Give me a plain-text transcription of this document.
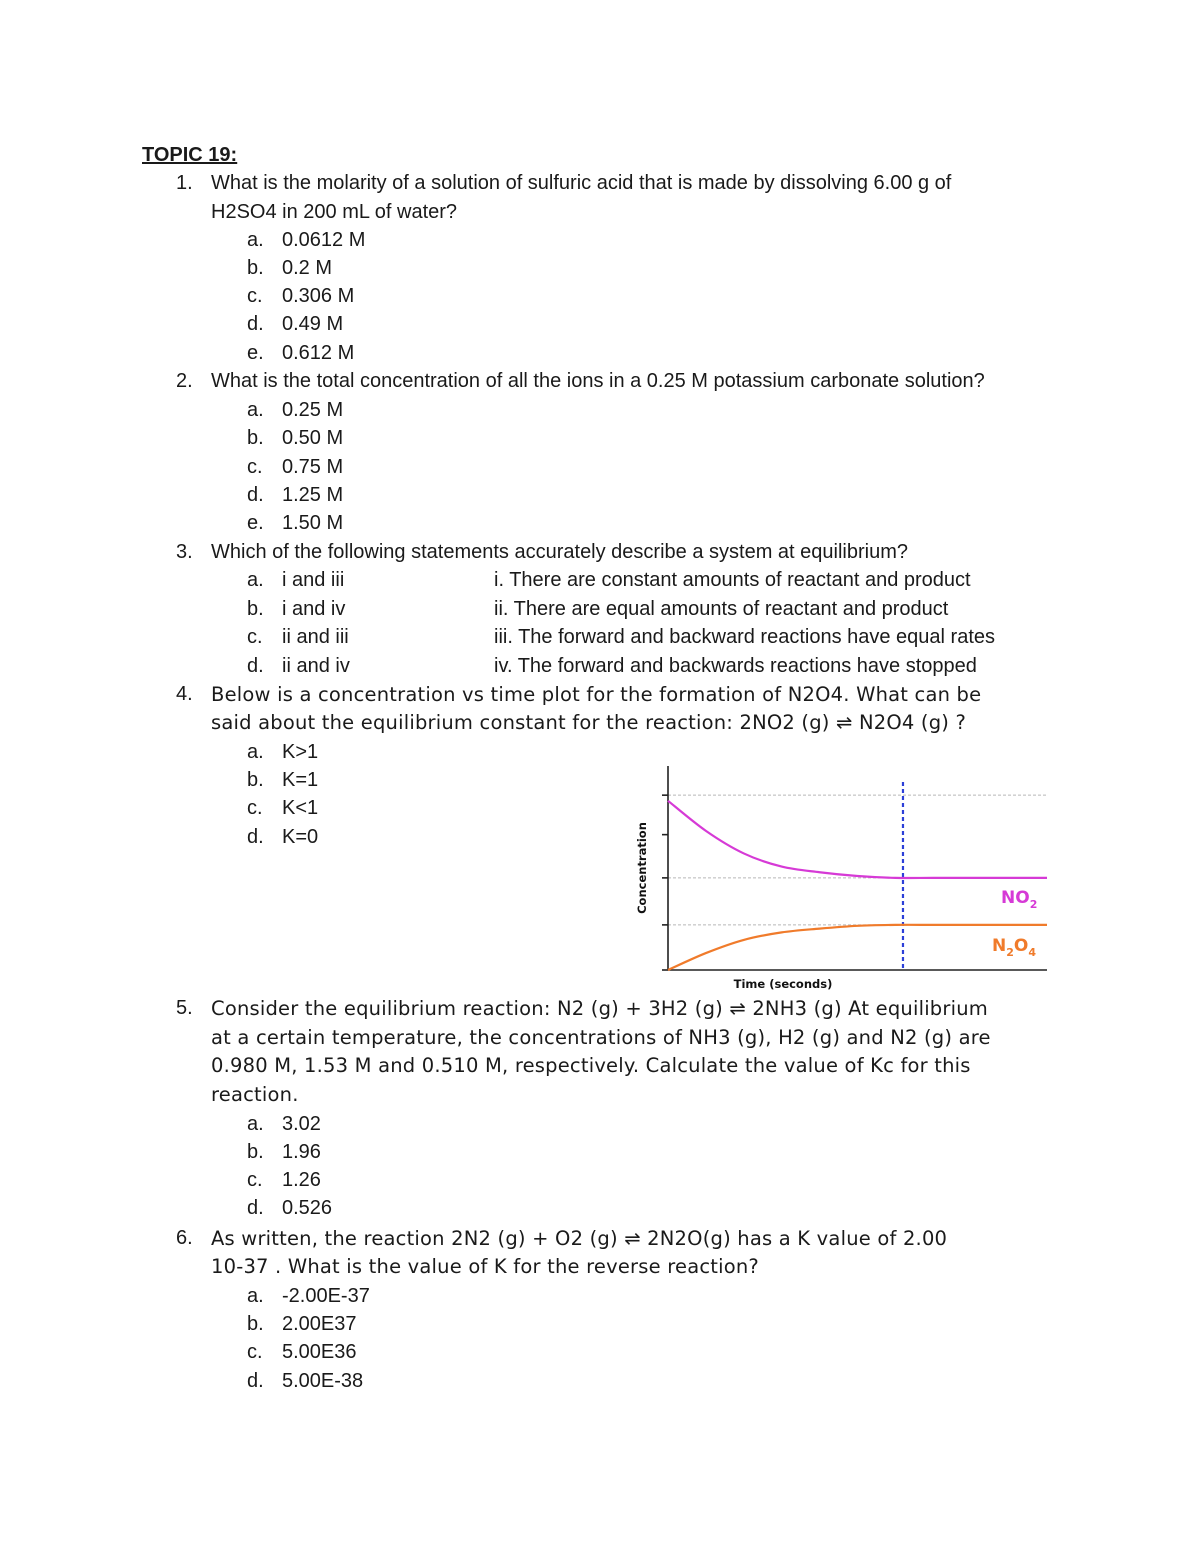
TOPIC 19:
1. What is the molarity of a solution of sulfuric acid that is made by dissolving 6.00 g of
H2SO4 in 200 mL of water?
a. 0.0612 M
b. 0.2 M
c. 0.306 M
d. 0.49 M
e. 0.612 M
2. What is the total concentration of all the ions in a 0.25 M potassium carbonate solution?
a. 0.25 M
b. 0.50 M
c. 0.75 M
d. 1.25 M
e. 1.50 M
3. Which of the following statements accurately describe a system at equilibrium?
a. i and iii
b. i and iv
c. ii and iii
d. ii and iv
i. There are constant amounts of reactant and product
ii. There are equal amounts of reactant and product
iii. The forward and backward reactions have equal rates
iv. The forward and backwards reactions have stopped
4. Below is a concentration vs time plot for the formation of N2O4. What can be
said about the equilibrium constant for the reaction: 2NO2 (g) ⇌ N2O4 (g) ?
a. K>1
b. K=1
c. K<1
d. K=0	Concentration
Time (seconds)
$NO_2$
$N_2O_4$
5. Consider the equilibrium reaction: N2 (g) + 3H2 (g) ⇌ 2NH3 (g) At equilibrium
at a certain temperature, the concentrations of NH3 (g), H2 (g) and N2 (g) are
0.980 M, 1.53 M and 0.510 M, respectively. Calculate the value of Kc for this
reaction.
a. 3.02
b. 1.96
c. 1.26
d. 0.526
6. As written, the reaction 2N2 (g) + O2 (g) ⇌ 2N2O(g) has a K value of 2.00
10-37 . What is the value of K for the reverse reaction?
a. -2.00E-37
b. 2.00E37
c. 5.00E36
d. 5.00E-38
